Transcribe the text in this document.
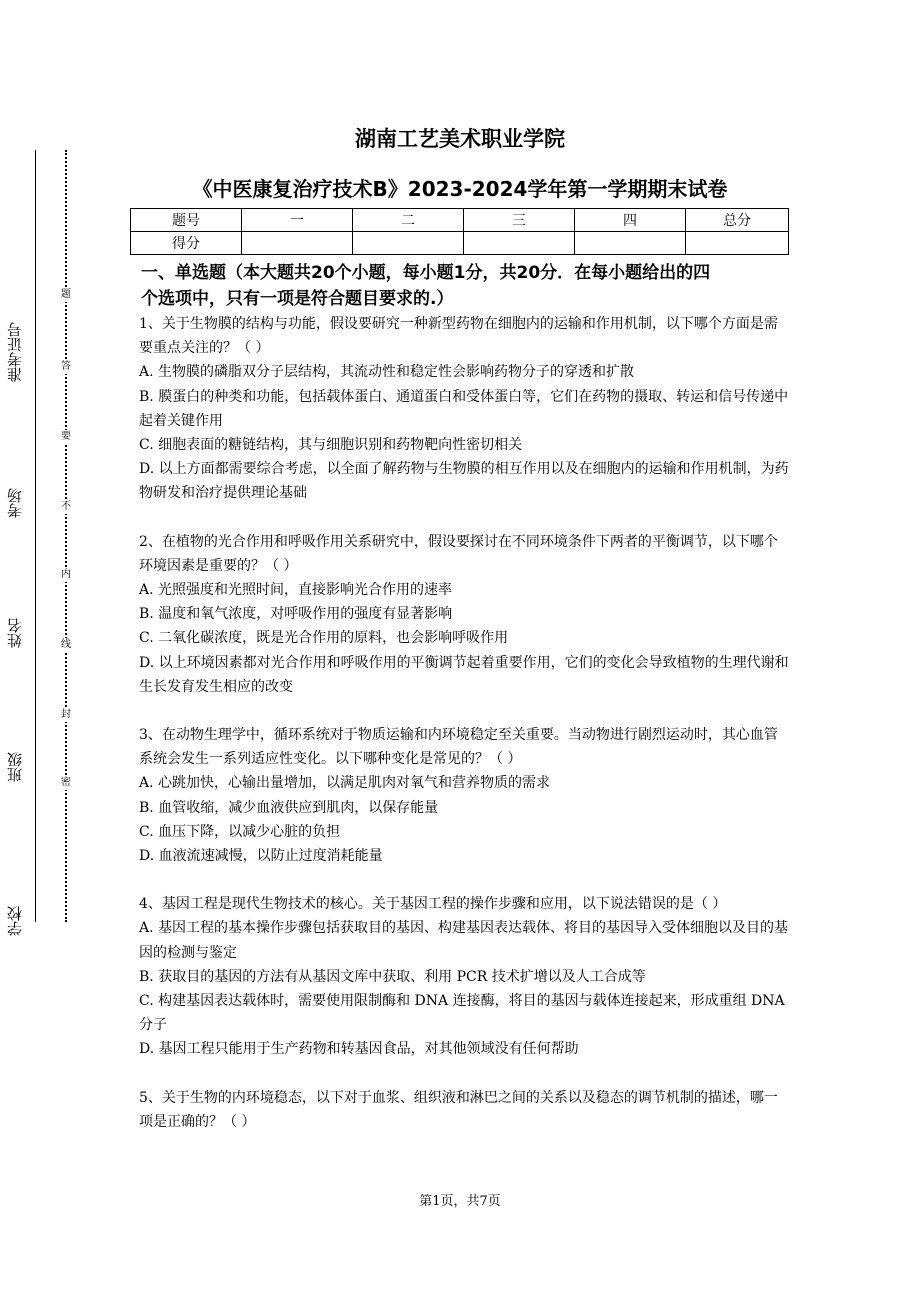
准考证号
考场
姓名
班级
学校
题
答
要
不
内
线
封
密
湖南工艺美术职业学院
《中医康复治疗技术B》2023-2024学年第一学期期末试卷
题号	一	二	三	四	总分
得分					
一、单选题（本大题共20个小题，每小题1分，共20分．在每小题给出的四
个选项中，只有一项是符合题目要求的.）
1、关于生物膜的结构与功能，假设要研究一种新型药物在细胞内的运输和作用机制，以下哪个方面是需要重点关注的？（ ）
A. 生物膜的磷脂双分子层结构，其流动性和稳定性会影响药物分子的穿透和扩散
B. 膜蛋白的种类和功能，包括载体蛋白、通道蛋白和受体蛋白等，它们在药物的摄取、转运和信号传递中起着关键作用
C. 细胞表面的糖链结构，其与细胞识别和药物靶向性密切相关
D. 以上方面都需要综合考虑，以全面了解药物与生物膜的相互作用以及在细胞内的运输和作用机制，为药物研发和治疗提供理论基础
2、在植物的光合作用和呼吸作用关系研究中，假设要探讨在不同环境条件下两者的平衡调节，以下哪个环境因素是重要的？（ ）
A. 光照强度和光照时间，直接影响光合作用的速率
B. 温度和氧气浓度，对呼吸作用的强度有显著影响
C. 二氧化碳浓度，既是光合作用的原料，也会影响呼吸作用
D. 以上环境因素都对光合作用和呼吸作用的平衡调节起着重要作用，它们的变化会导致植物的生理代谢和生长发育发生相应的改变
3、在动物生理学中，循环系统对于物质运输和内环境稳定至关重要。当动物进行剧烈运动时，其心血管系统会发生一系列适应性变化。以下哪种变化是常见的？（ ）
A. 心跳加快，心输出量增加，以满足肌肉对氧气和营养物质的需求
B. 血管收缩，减少血液供应到肌肉，以保存能量
C. 血压下降，以减少心脏的负担
D. 血液流速减慢，以防止过度消耗能量
4、基因工程是现代生物技术的核心。关于基因工程的操作步骤和应用，以下说法错误的是（ ）
A. 基因工程的基本操作步骤包括获取目的基因、构建基因表达载体、将目的基因导入受体细胞以及目的基因的检测与鉴定
B. 获取目的基因的方法有从基因文库中获取、利用 PCR 技术扩增以及人工合成等
C. 构建基因表达载体时，需要使用限制酶和 DNA 连接酶，将目的基因与载体连接起来，形成重组 DNA 分子
D. 基因工程只能用于生产药物和转基因食品，对其他领域没有任何帮助
5、关于生物的内环境稳态，以下对于血浆、组织液和淋巴之间的关系以及稳态的调节机制的描述，哪一项是正确的？（ ）
第1页，共7页
